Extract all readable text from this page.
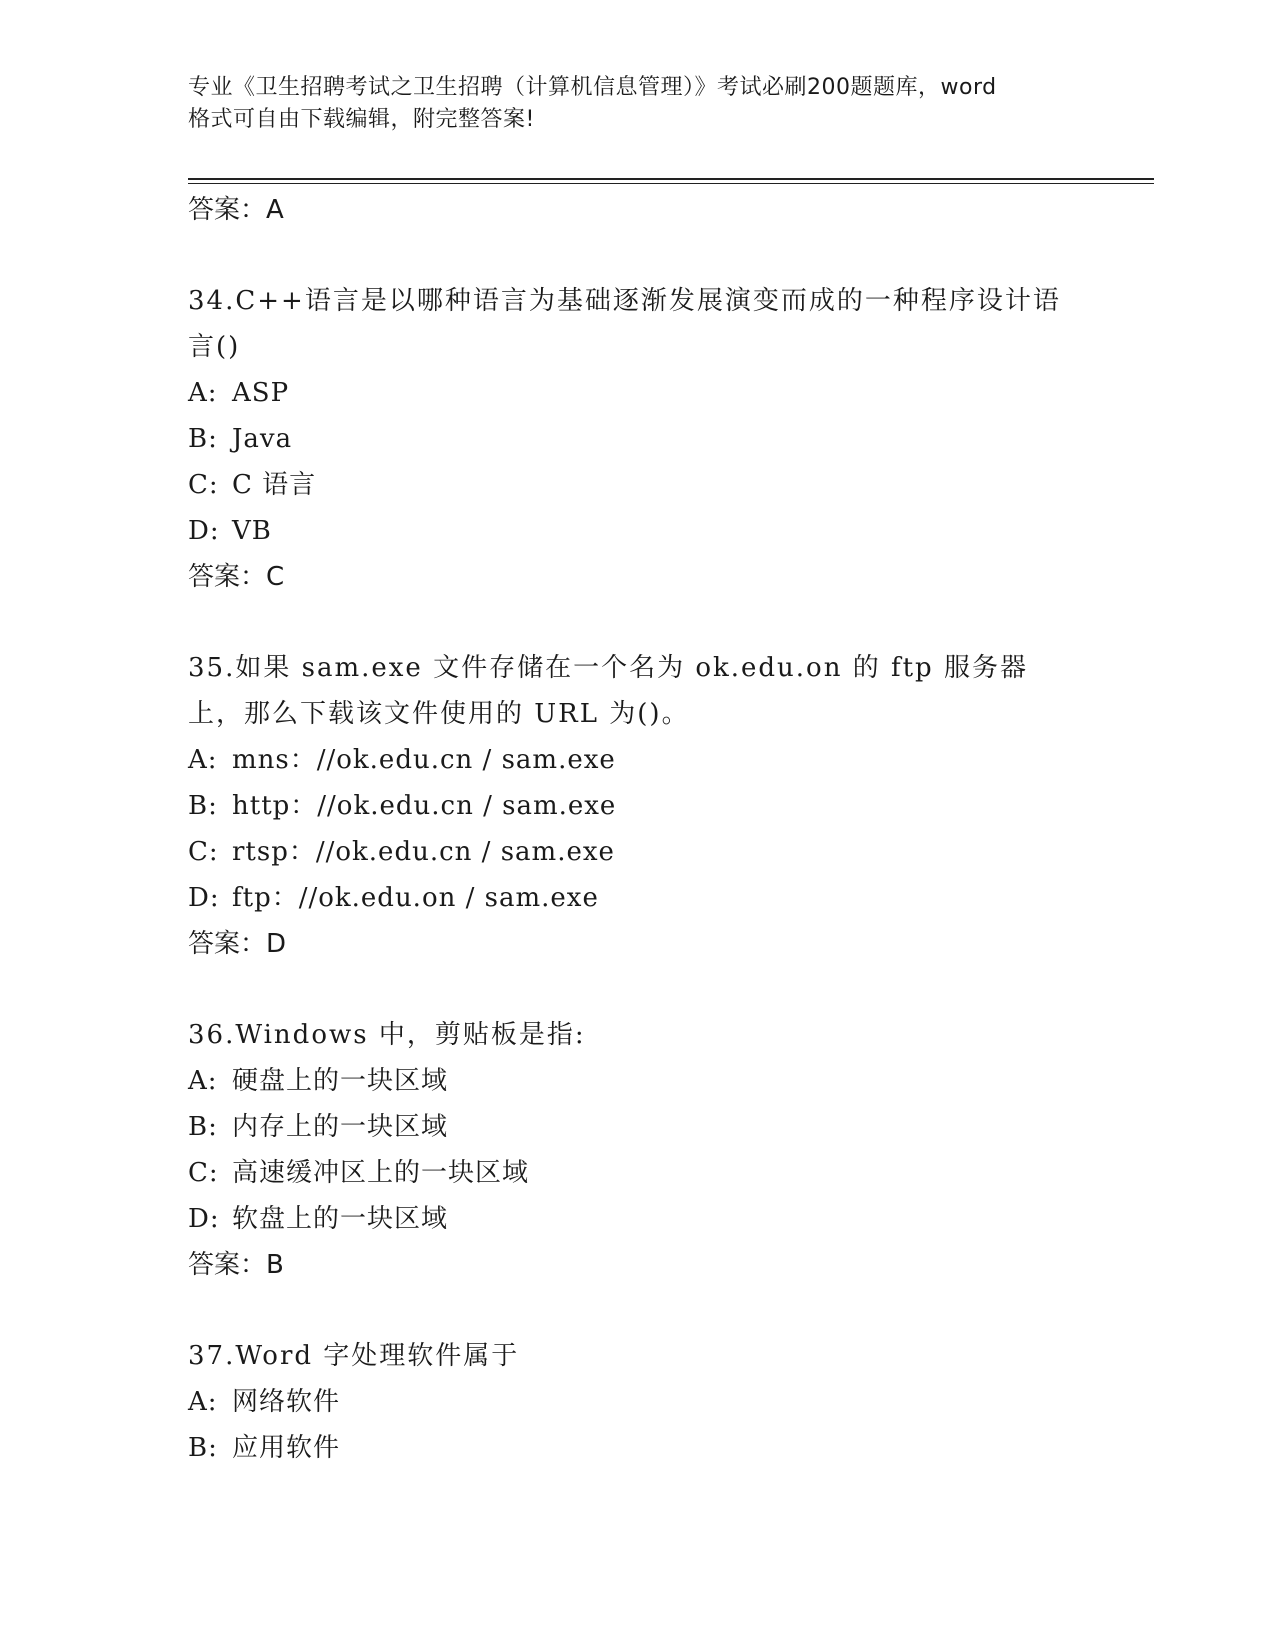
专业《卫生招聘考试之卫生招聘（计算机信息管理）》考试必刷200题题库，word
格式可自由下载编辑，附完整答案!
答案：A
34.C++语言是以哪种语言为基础逐渐发展演变而成的一种程序设计语言()
A: ASP
B: Java
C: C 语言
D: VB
答案：C
35.如果 sam.exe 文件存储在一个名为 ok.edu.on 的 ftp 服务器上，那么下载该文件使用的 URL 为()。
A: mns：//ok.edu.cn / sam.exe
B: http：//ok.edu.cn / sam.exe
C: rtsp：//ok.edu.cn / sam.exe
D: ftp：//ok.edu.on / sam.exe
答案：D
36.Windows 中，剪贴板是指:
A: 硬盘上的一块区域
B: 内存上的一块区域
C: 高速缓冲区上的一块区域
D: 软盘上的一块区域
答案：B
37.Word 字处理软件属于
A: 网络软件
B: 应用软件
